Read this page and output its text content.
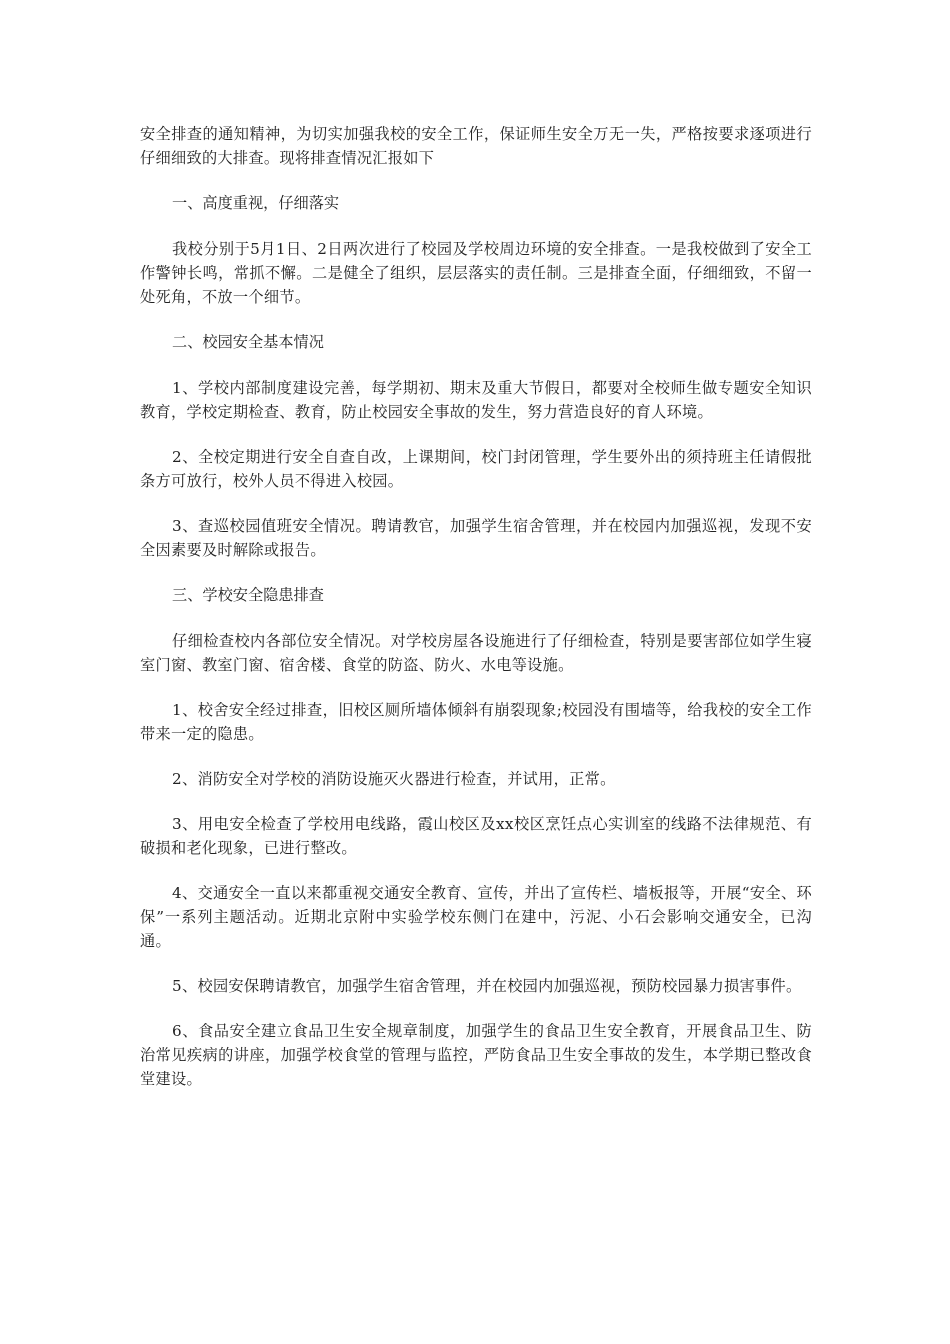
安全排查的通知精神，为切实加强我校的安全工作，保证师生安全万无一失，严格按要求逐项进行仔细细致的大排查。现将排查情况汇报如下

一、高度重视，仔细落实

我校分别于5月1日、2日两次进行了校园及学校周边环境的安全排查。一是我校做到了安全工作警钟长鸣，常抓不懈。二是健全了组织，层层落实的责任制。三是排查全面，仔细细致，不留一处死角，不放一个细节。

二、校园安全基本情况

1、学校内部制度建设完善，每学期初、期末及重大节假日，都要对全校师生做专题安全知识教育，学校定期检查、教育，防止校园安全事故的发生，努力营造良好的育人环境。

2、全校定期进行安全自查自改，上课期间，校门封闭管理，学生要外出的须持班主任请假批条方可放行，校外人员不得进入校园。

3、查巡校园值班安全情况。聘请教官，加强学生宿舍管理，并在校园内加强巡视，发现不安全因素要及时解除或报告。

三、学校安全隐患排查

仔细检查校内各部位安全情况。对学校房屋各设施进行了仔细检查，特别是要害部位如学生寝室门窗、教室门窗、宿舍楼、食堂的防盗、防火、水电等设施。

1、校舍安全经过排查，旧校区厕所墙体倾斜有崩裂现象;校园没有围墙等，给我校的安全工作带来一定的隐患。

2、消防安全对学校的消防设施灭火器进行检查，并试用，正常。

3、用电安全检查了学校用电线路，霞山校区及xx校区烹饪点心实训室的线路不法律规范、有破损和老化现象，已进行整改。

4、交通安全一直以来都重视交通安全教育、宣传，并出了宣传栏、墙板报等，开展“安全、环保”一系列主题活动。近期北京附中实验学校东侧门在建中，污泥、小石会影响交通安全，已沟通。

5、校园安保聘请教官，加强学生宿舍管理，并在校园内加强巡视，预防校园暴力损害事件。

6、食品安全建立食品卫生安全规章制度，加强学生的食品卫生安全教育，开展食品卫生、防治常见疾病的讲座，加强学校食堂的管理与监控，严防食品卫生安全事故的发生，本学期已整改食堂建设。
